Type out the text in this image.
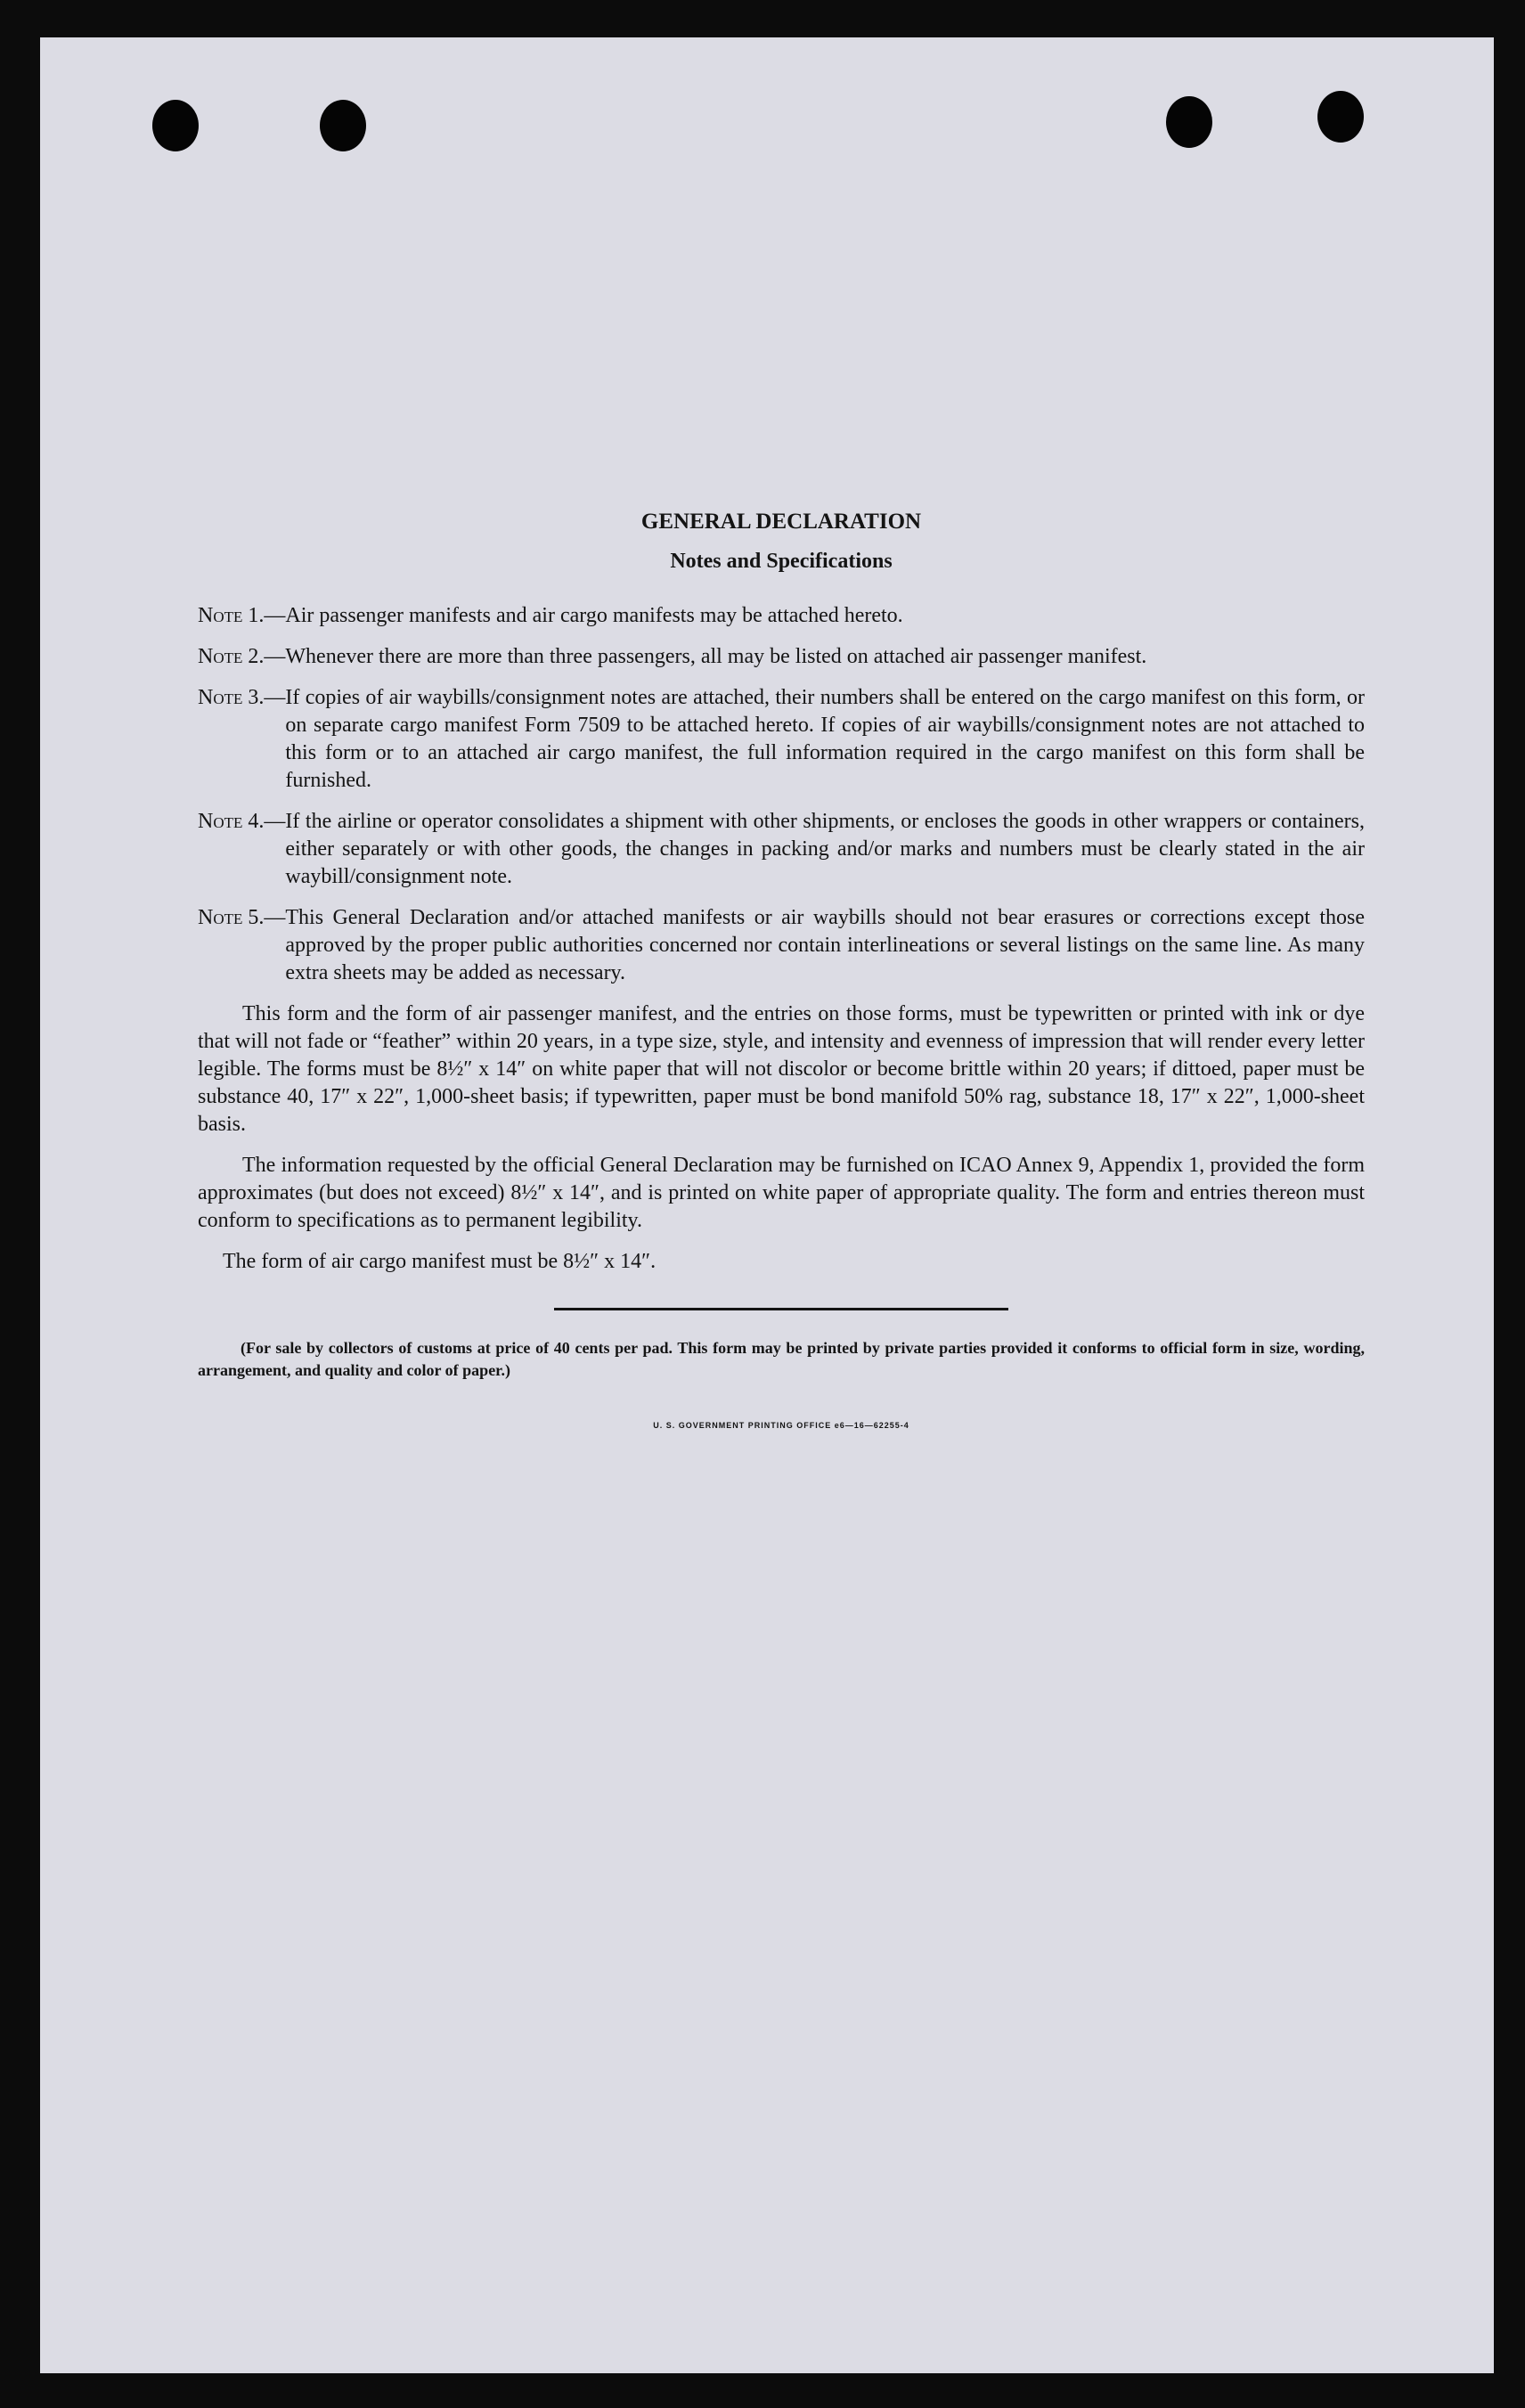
GENERAL DECLARATION
Notes and Specifications
Note 1.— Air passenger manifests and air cargo manifests may be attached hereto.
Note 2.— Whenever there are more than three passengers, all may be listed on attached air passenger manifest.
Note 3.— If copies of air waybills/consignment notes are attached, their numbers shall be entered on the cargo manifest on this form, or on separate cargo manifest Form 7509 to be attached hereto. If copies of air waybills/consignment notes are not attached to this form or to an attached air cargo manifest, the full information required in the cargo manifest on this form shall be furnished.
Note 4.— If the airline or operator consolidates a shipment with other shipments, or encloses the goods in other wrappers or containers, either separately or with other goods, the changes in packing and/or marks and numbers must be clearly stated in the air waybill/consignment note.
Note 5.— This General Declaration and/or attached manifests or air waybills should not bear erasures or corrections except those approved by the proper public authorities concerned nor contain interlineations or several listings on the same line. As many extra sheets may be added as necessary.

This form and the form of air passenger manifest, and the entries on those forms, must be typewritten or printed with ink or dye that will not fade or “feather” within 20 years, in a type size, style, and intensity and evenness of impression that will render every letter legible. The forms must be 8½″ x 14″ on white paper that will not discolor or become brittle within 20 years; if dittoed, paper must be substance 40, 17″ x 22″, 1,000-sheet basis; if typewritten, paper must be bond manifold 50% rag, substance 18, 17″ x 22″, 1,000-sheet basis.

The information requested by the official General Declaration may be furnished on ICAO Annex 9, Appendix 1, provided the form approximates (but does not exceed) 8½″ x 14″, and is printed on white paper of appropriate quality. The form and entries thereon must conform to specifications as to permanent legibility.

The form of air cargo manifest must be 8½″ x 14″.

(For sale by collectors of customs at price of 40 cents per pad. This form may be printed by private parties provided it conforms to official form in size, wording, arrangement, and quality and color of paper.)
U. S. GOVERNMENT PRINTING OFFICE e6—16—62255-4
